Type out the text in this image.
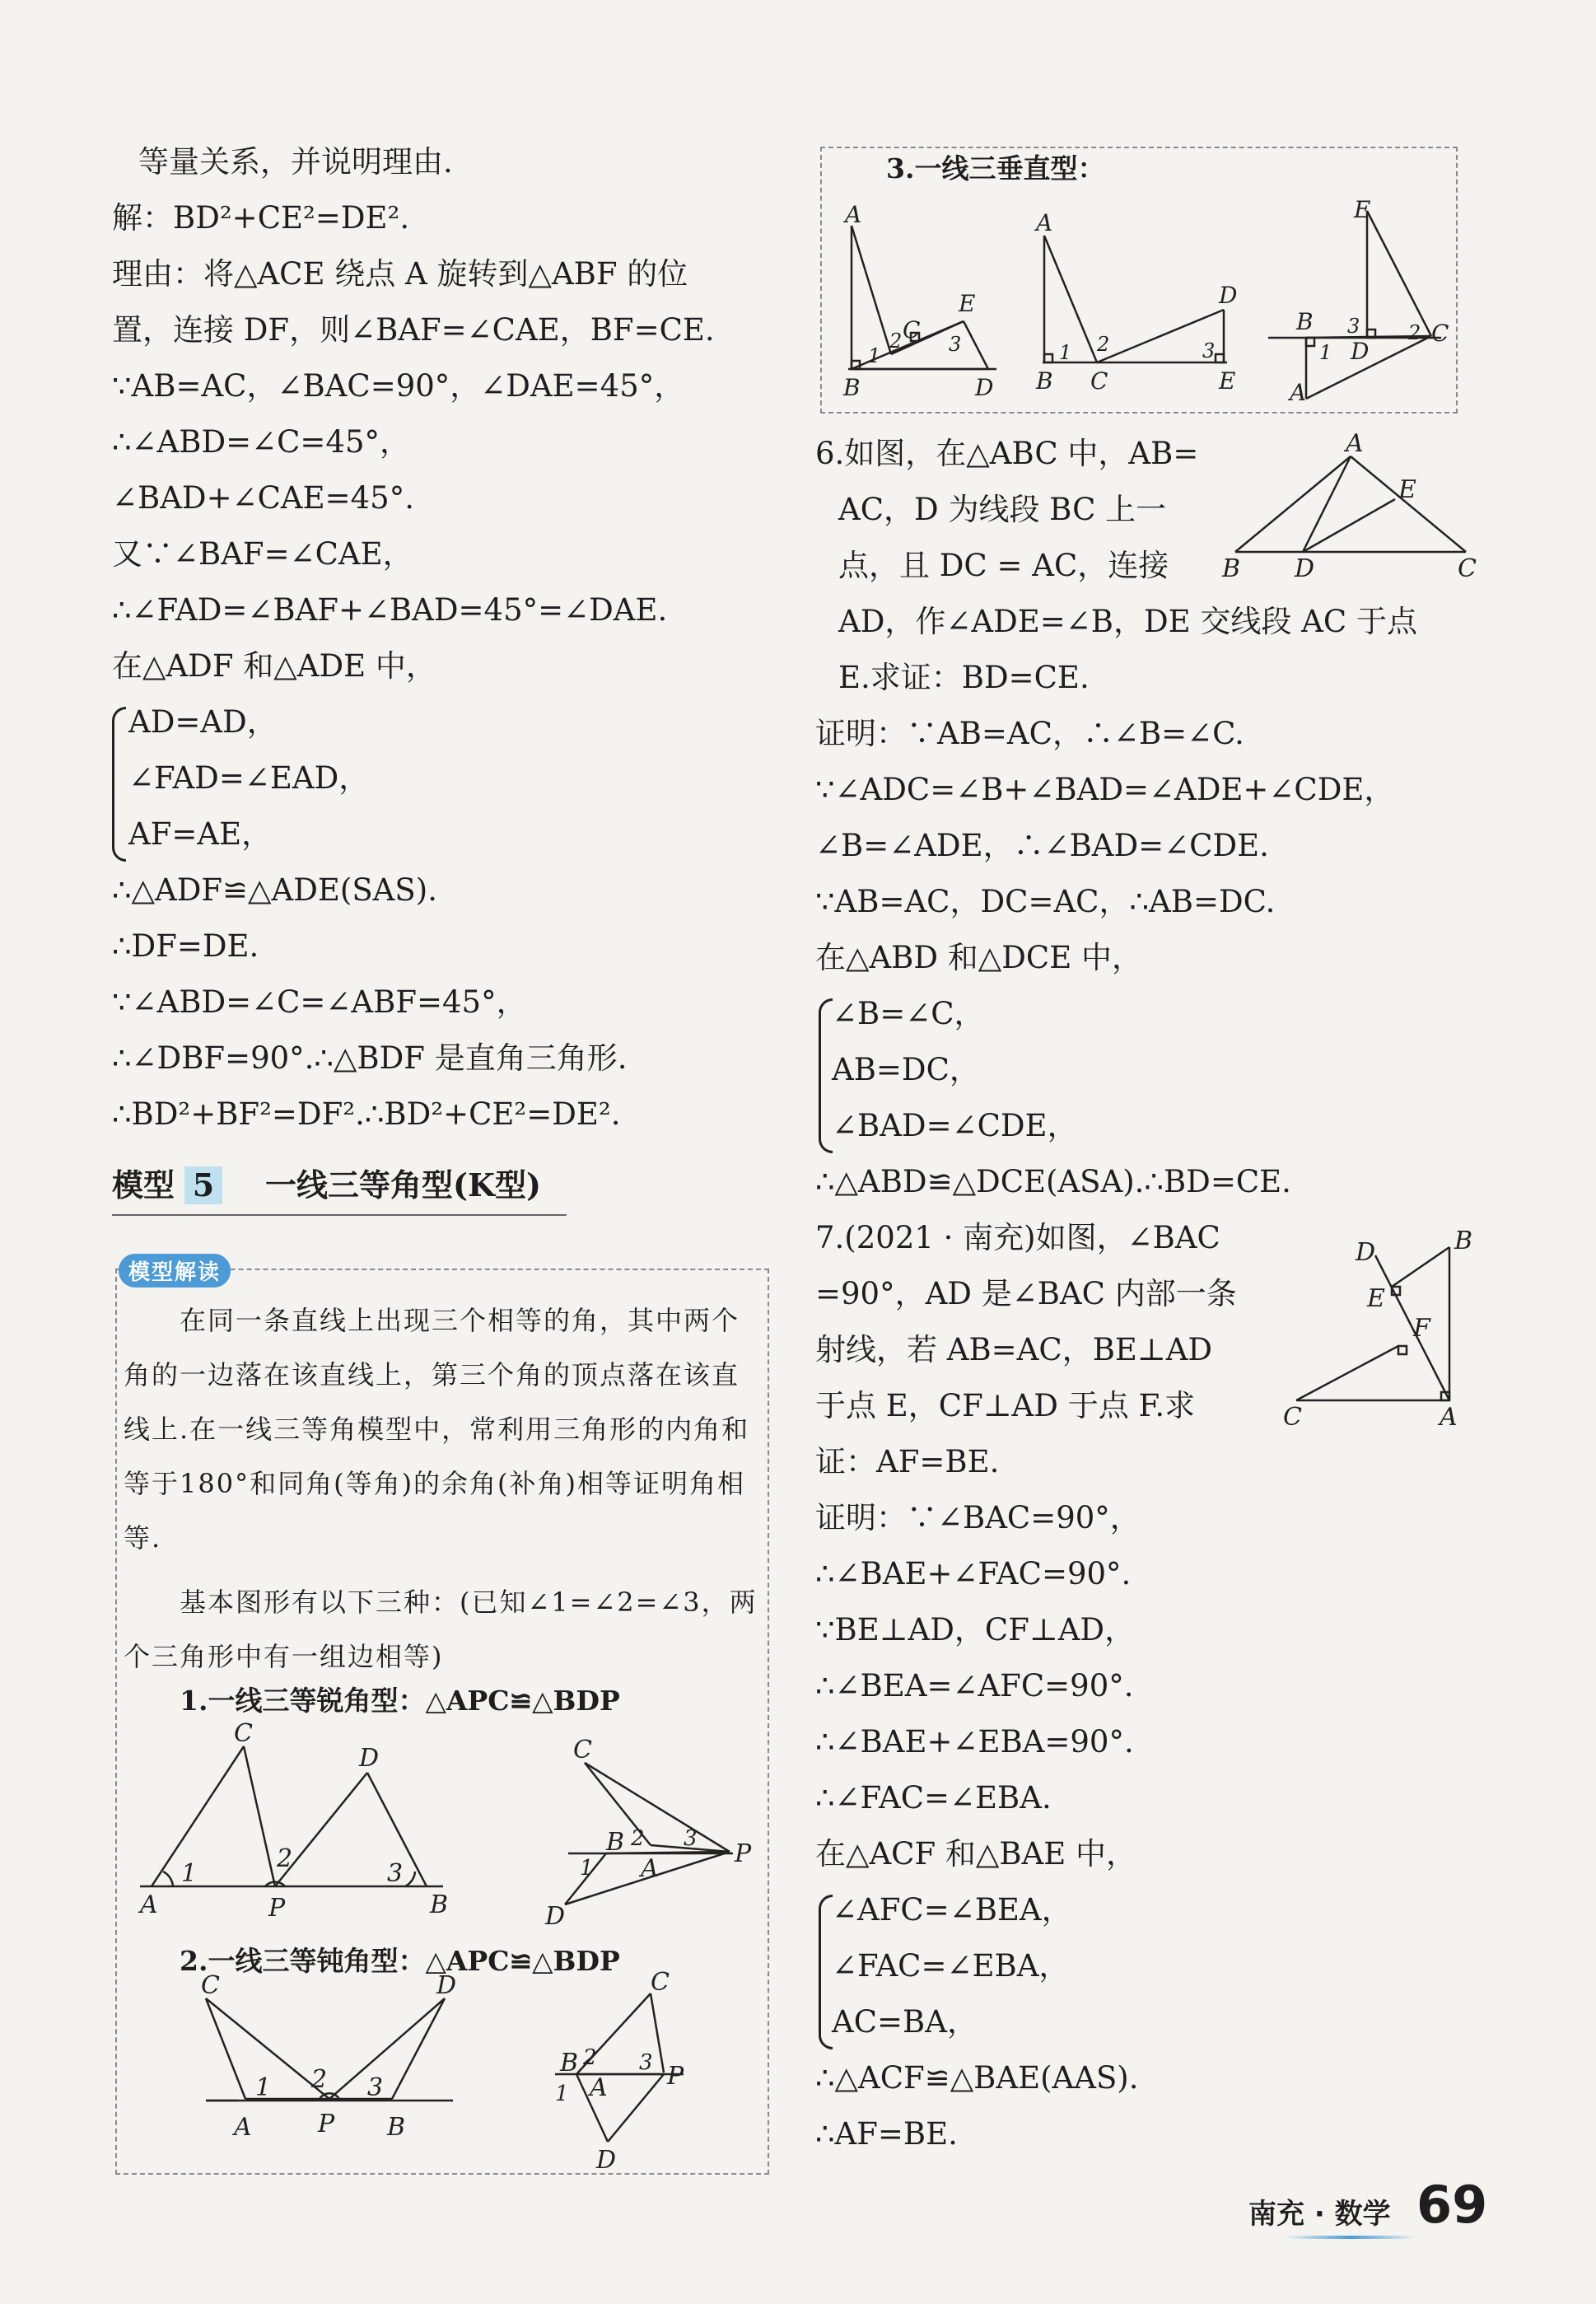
等量关系，并说明理由.
解：BD²+CE²=DE².
理由：将△ACE 绕点 A 旋转到△ABF 的位
置，连接 DF，则∠BAF=∠CAE，BF=CE.
∵AB=AC，∠BAC=90°，∠DAE=45°，
∴∠ABD=∠C=45°，
∠BAD+∠CAE=45°.
又∵∠BAF=∠CAE，
∴∠FAD=∠BAF+∠BAD=45°=∠DAE.
在△ADF 和△ADE 中，
AD=AD，
∠FAD=∠EAD，
AF=AE，
∴△ADF≌△ADE(SAS).
∴DF=DE.
∵∠ABD=∠C=∠ABF=45°，
∴∠DBF=90°.∴△BDF 是直角三角形.
∴BD²+BF²=DF².∴BD²+CE²=DE².
模型 5 一线三等角型(K型)
模型解读
在同一条直线上出现三个相等的角，其中两个角的一边落在该直线上，第三个角的顶点落在该直线上.在一线三等角模型中，常利用三角形的内角和等于180°和同角(等角)的余角(补角)相等证明角相等.
基本图形有以下三种：(已知∠1=∠2=∠3，两个三角形中有一组边相等)
1.一线三等锐角型：△APC≌△BDP
2.一线三等钝角型：△APC≌△BDP
C
A	P
D
B
1
2
3
C
B 2
1 A
3
P
D
C
A	P
D
B
1 2 3
C
B 2
1 A
3 P
D
3.一线三垂直型：
A
B	D
E
C
1
2 3
A
B C	E
D
1 2	3
E
B 3
1 D
2 C
A
6.如图，在△ABC 中，AB=
AC，D 为线段 BC 上一
点，且 DC = AC，连接
AD，作∠ADE=∠B，DE 交线段 AC 于点
E.求证：BD=CE.
A
B D	C
E
证明：∵AB=AC，∴∠B=∠C.
∵∠ADC=∠B+∠BAD=∠ADE+∠CDE，
∠B=∠ADE，∴∠BAD=∠CDE.
∵AB=AC，DC=AC，∴AB=DC.
在△ABD 和△DCE 中，
∠B=∠C，
AB=DC，
∠BAD=∠CDE，
∴△ABD≌△DCE(ASA).∴BD=CE.
7.(2021 · 南充)如图，∠BAC
=90°，AD 是∠BAC 内部一条
射线，若 AB=AC，BE⊥AD
于点 E，CF⊥AD 于点 F.求
证：AF=BE.
D	B
E
F
C	A
证明：∵∠BAC=90°，
∴∠BAE+∠FAC=90°.
∵BE⊥AD，CF⊥AD，
∴∠BEA=∠AFC=90°.
∴∠BAE+∠EBA=90°.
∴∠FAC=∠EBA.
在△ACF 和△BAE 中，
∠AFC=∠BEA，
∠FAC=∠EBA，
AC=BA，
∴△ACF≌△BAE(AAS).
∴AF=BE.
南充 · 数学 69
